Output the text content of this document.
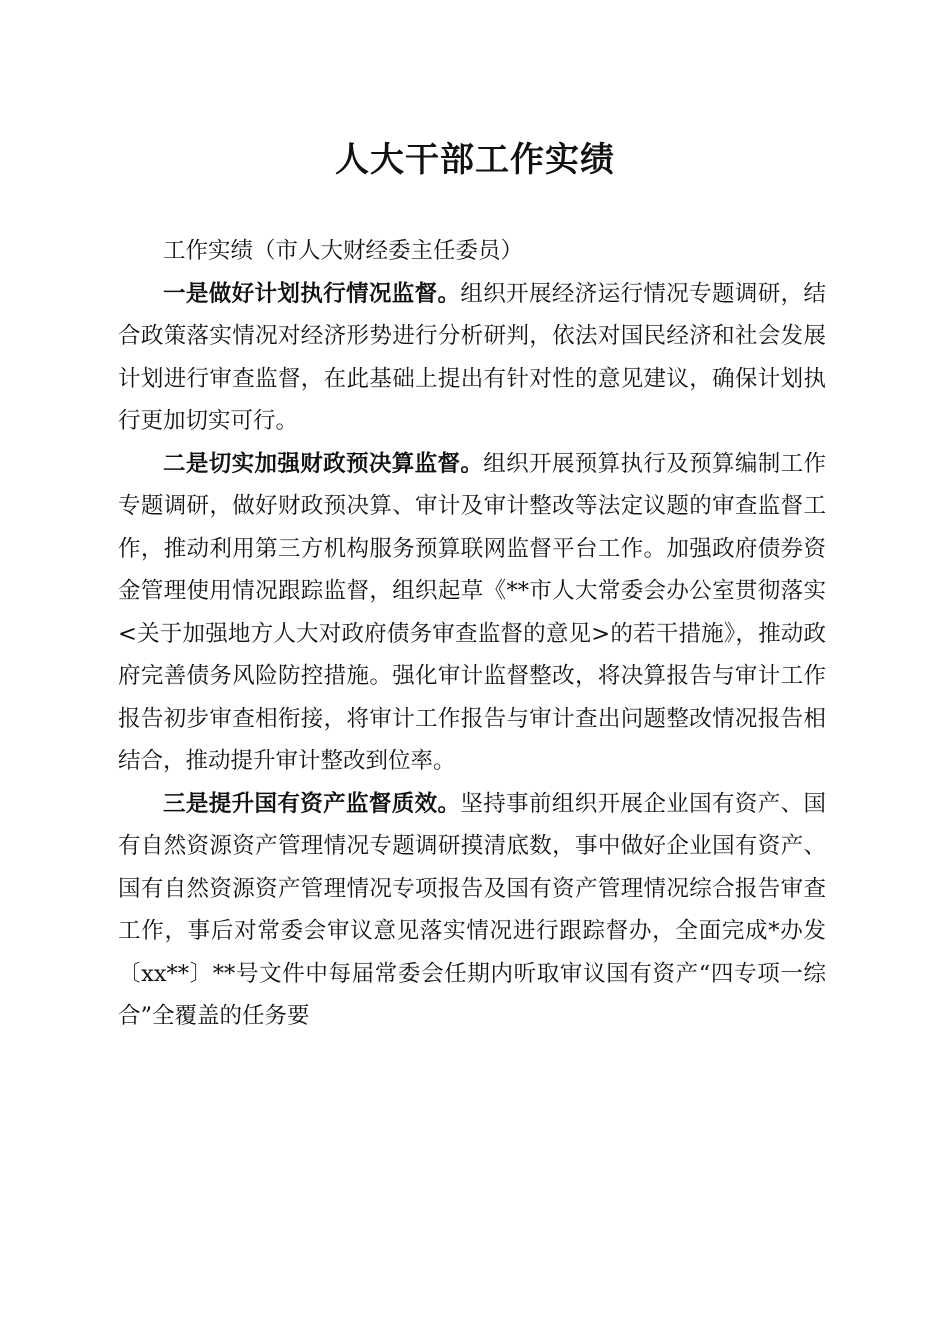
人大干部工作实绩

工作实绩（市人大财经委主任委员）

一是做好计划执行情况监督。组织开展经济运行情况专题调研，结合政策落实情况对经济形势进行分析研判，依法对国民经济和社会发展计划进行审查监督，在此基础上提出有针对性的意见建议，确保计划执行更加切实可行。

二是切实加强财政预决算监督。组织开展预算执行及预算编制工作专题调研，做好财政预决算、审计及审计整改等法定议题的审查监督工作，推动利用第三方机构服务预算联网监督平台工作。加强政府债券资金管理使用情况跟踪监督，组织起草《**市人大常委会办公室贯彻落实<关于加强地方人大对政府债务审查监督的意见>的若干措施》，推动政府完善债务风险防控措施。强化审计监督整改，将决算报告与审计工作报告初步审查相衔接，将审计工作报告与审计查出问题整改情况报告相结合，推动提升审计整改到位率。

三是提升国有资产监督质效。坚持事前组织开展企业国有资产、国有自然资源资产管理情况专题调研摸清底数，事中做好企业国有资产、国有自然资源资产管理情况专项报告及国有资产管理情况综合报告审查工作，事后对常委会审议意见落实情况进行跟踪督办，全面完成*办发〔xx**〕**号文件中每届常委会任期内听取审议国有资产“四专项一综合”全覆盖的任务要
